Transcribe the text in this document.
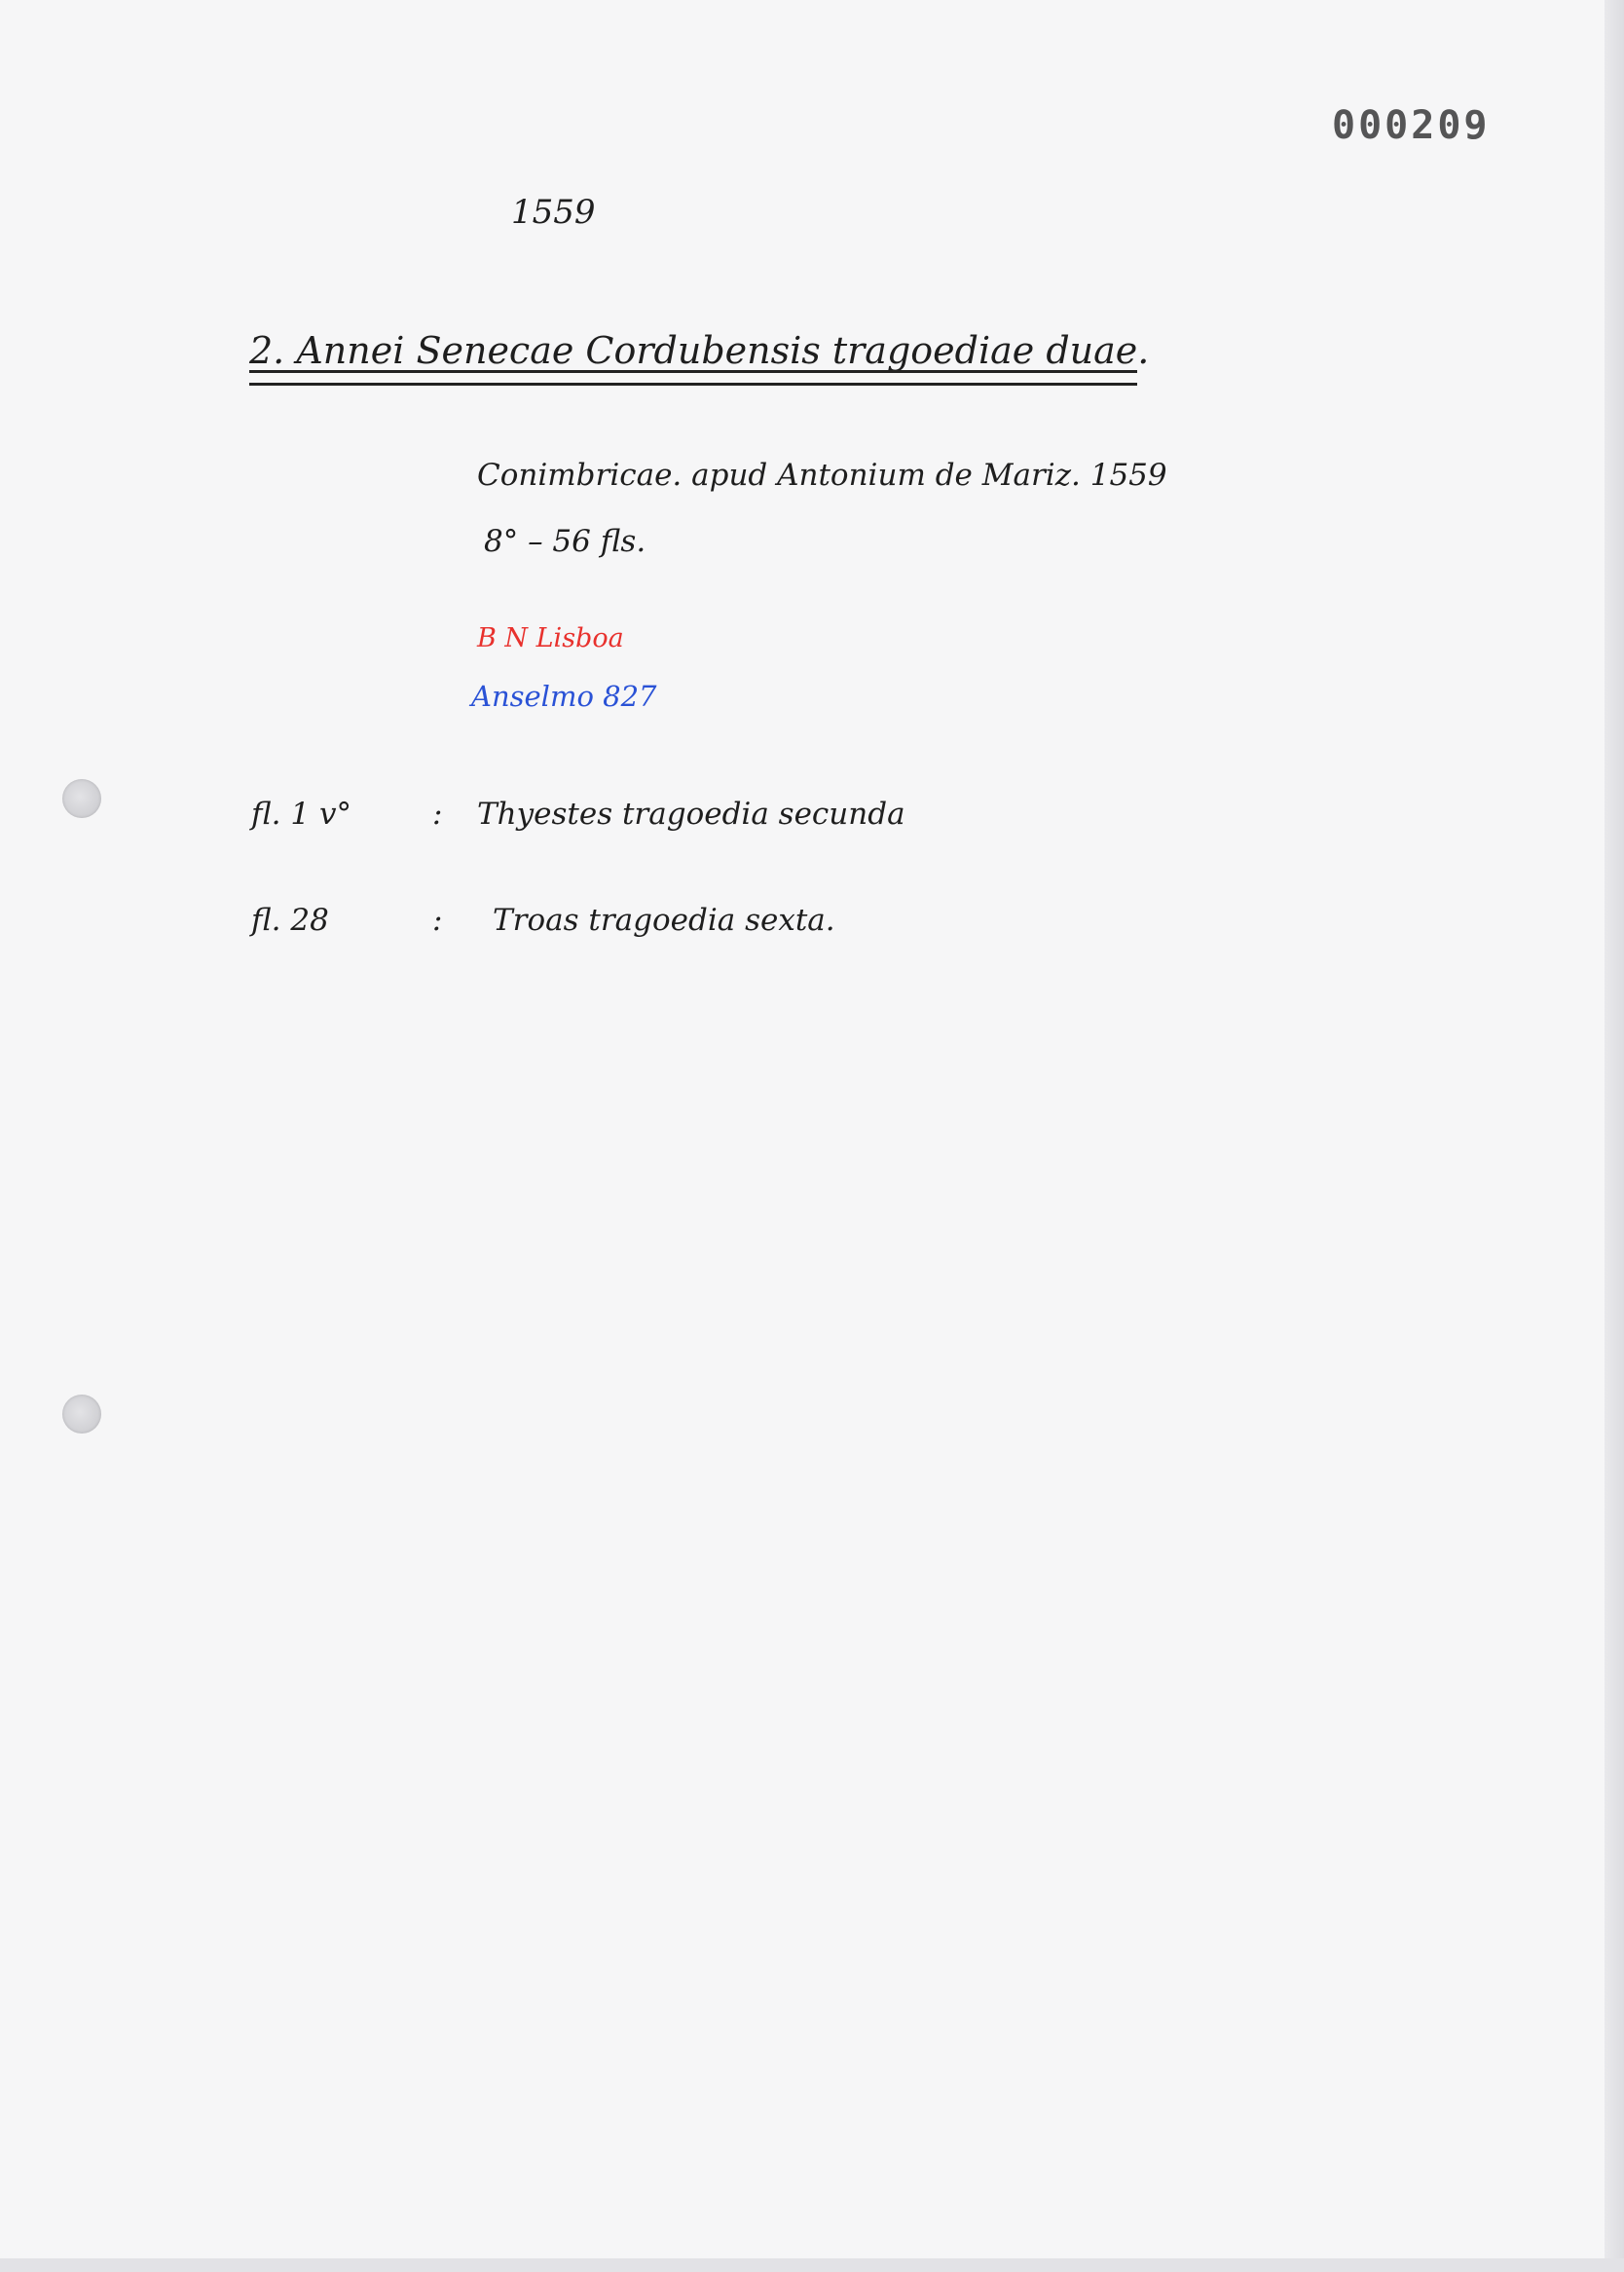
000209
1559
2. Annei Senecae Cordubensis tragoediae duae.
Conimbricae. apud Antonium de Mariz. 1559
8° – 56 fls.
B N Lisboa
Anselmo 827
fl. 1 v°	: Thyestes tragoedia secunda
fl. 28	: Troas tragoedia sexta.
